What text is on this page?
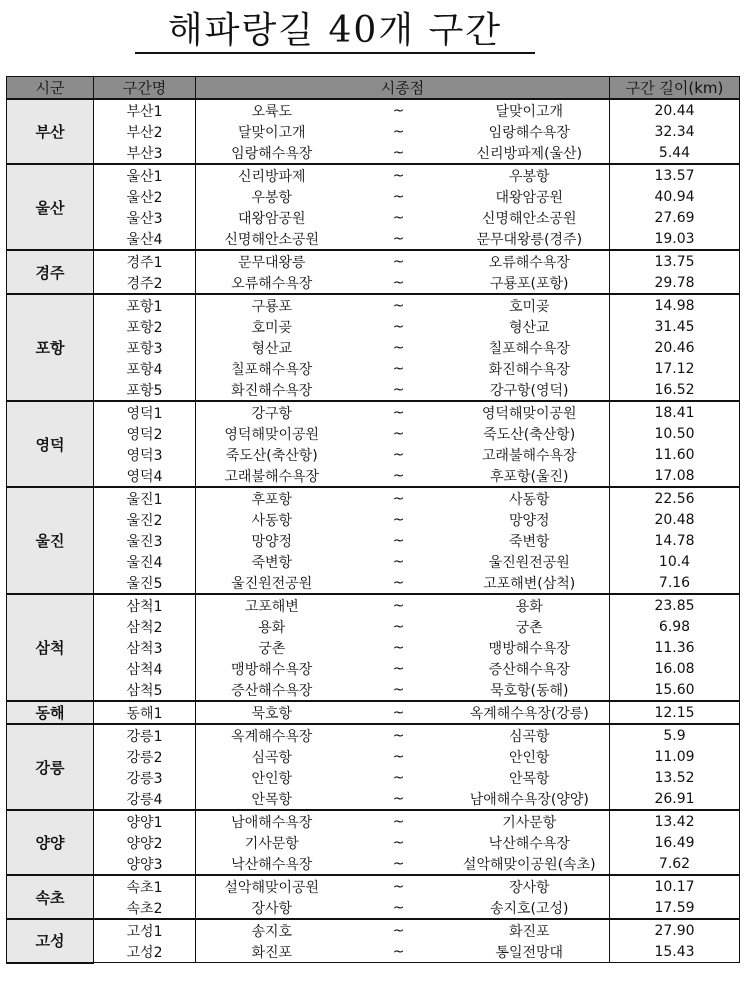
해파랑길 40개 구간
시군	구간명	시종점			구간 길이(km)
부산	부산1	오륙도	~	달맞이고개	20.44
	부산2	달맞이고개	~	임랑해수욕장	32.34
	부산3	임랑해수욕장	~	신리방파제(울산)	5.44
울산	울산1	신리방파제	~	우봉항	13.57
	울산2	우봉항	~	대왕암공원	40.94
	울산3	대왕암공원	~	신명해안소공원	27.69
	울산4	신명해안소공원	~	문무대왕릉(경주)	19.03
경주	경주1	문무대왕릉	~	오류해수욕장	13.75
	경주2	오류해수욕장	~	구룡포(포항)	29.78
포항	포항1	구룡포	~	호미곶	14.98
	포항2	호미곶	~	형산교	31.45
	포항3	형산교	~	칠포해수욕장	20.46
	포항4	칠포해수욕장	~	화진해수욕장	17.12
	포항5	화진해수욕장	~	강구항(영덕)	16.52
영덕	영덕1	강구항	~	영덕해맞이공원	18.41
	영덕2	영덕해맞이공원	~	죽도산(축산항)	10.50
	영덕3	죽도산(축산항)	~	고래불해수욕장	11.60
	영덕4	고래불해수욕장	~	후포항(울진)	17.08
울진	울진1	후포항	~	사동항	22.56
	울진2	사동항	~	망양정	20.48
	울진3	망양정	~	죽변항	14.78
	울진4	죽변항	~	울진원전공원	10.4
	울진5	울진원전공원	~	고포해변(삼척)	7.16
삼척	삼척1	고포해변	~	용화	23.85
	삼척2	용화	~	궁촌	6.98
	삼척3	궁촌	~	맹방해수욕장	11.36
	삼척4	맹방해수욕장	~	증산해수욕장	16.08
	삼척5	증산해수욕장	~	묵호항(동해)	15.60
동해	동해1	묵호항	~	옥계해수욕장(강릉)	12.15
강릉	강릉1	옥계해수욕장	~	심곡항	5.9
	강릉2	심곡항	~	안인항	11.09
	강릉3	안인항	~	안목항	13.52
	강릉4	안목항	~	남애해수욕장(양양)	26.91
양양	양양1	남애해수욕장	~	기사문항	13.42
	양양2	기사문항	~	낙산해수욕장	16.49
	양양3	낙산해수욕장	~	설악해맞이공원(속초)	7.62
속초	속초1	설악해맞이공원	~	장사항	10.17
	속초2	장사항	~	송지호(고성)	17.59
고성	고성1	송지호	~	화진포	27.90
	고성2	화진포	~	통일전망대	15.43
